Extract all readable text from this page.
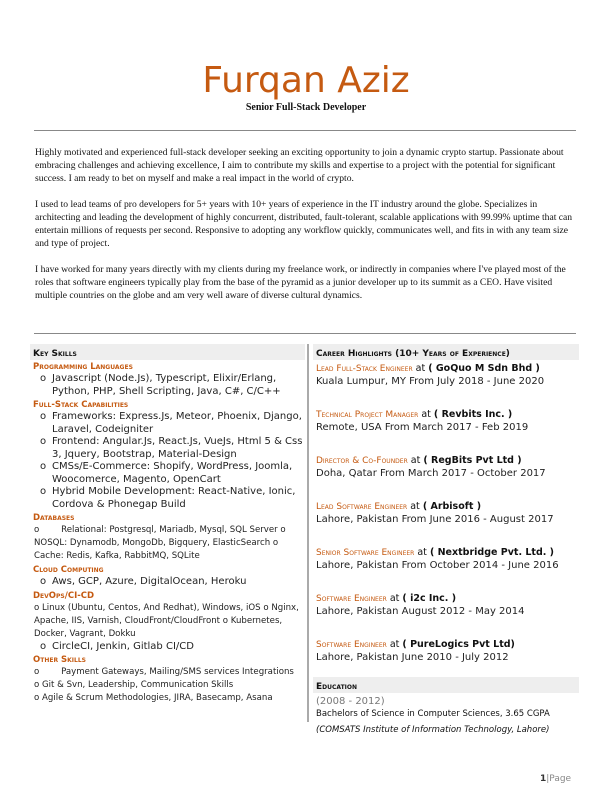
Furqan Aziz
Senior Full-Stack Developer

Highly motivated and experienced full-stack developer seeking an exciting opportunity to join a dynamic crypto startup. Passionate about embracing challenges and achieving excellence, I aim to contribute my skills and expertise to a project with the potential for significant success. I am ready to bet on myself and make a real impact in the world of crypto.

I used to lead teams of pro developers for 5+ years with 10+ years of experience in the IT industry around the globe. Specializes in architecting and leading the development of highly concurrent, distributed, fault-tolerant, scalable applications with 99.99% uptime that can entertain millions of requests per second. Responsive to adopting any workflow quickly, communicates well, and fits in with any team size and type of project.

I have worked for many years directly with my clients during my freelance work, or indirectly in companies where I've played most of the roles that software engineers typically play from the base of the pyramid as a junior developer up to its summit as a CEO. Have visited multiple countries on the globe and am very well aware of diverse cultural dynamics.

Key Skills
Programming Languages
o Javascript (Node.Js), Typescript, Elixir/Erlang, Python, PHP, Shell Scripting, Java, C#, C/C++
Full-Stack Capabilities
o Frameworks: Express.Js, Meteor, Phoenix, Django, Laravel, Codeigniter
o Frontend: Angular.Js, React.Js, VueJs, Html 5 & Css 3, Jquery, Bootstrap, Material-Design
o CMSs/E-Commerce: Shopify, WordPress, Joomla, Woocomerce, Magento, OpenCart
o Hybrid Mobile Development: React-Native, Ionic, Cordova & Phonegap Build
Databases
o        Relational: Postgresql, Mariadb, Mysql, SQL Server o NOSQL: Dynamodb, MongoDb, Bigquery, ElasticSearch o Cache: Redis, Kafka, RabbitMQ, SQLite
Cloud Computing
o Aws, GCP, Azure, DigitalOcean, Heroku
DevOps/CI-CD
o Linux (Ubuntu, Centos, And Redhat), Windows, iOS o Nginx, Apache, IIS, Varnish, CloudFront/CloudFront o Kubernetes, Docker, Vagrant, Dokku
o CircleCI, Jenkin, Gitlab CI/CD
Other Skills
o        Payment Gateways, Mailing/SMS services Integrations o Git & Svn, Leadership, Communication Skills
o Agile & Scrum Methodologies, JIRA, Basecamp, Asana
Career Highlights (10+ Years of Experience)
Lead Full-Stack Engineer at ( GoQuo M Sdn Bhd )
Kuala Lumpur, MY From July 2018 - June 2020
Technical Project Manager at ( Revbits Inc. )
Remote, USA From March 2017 - Feb 2019
Director & Co-Founder at ( RegBits Pvt Ltd )
Doha, Qatar From March 2017 - October 2017
Lead Software Engineer at ( Arbisoft )
Lahore, Pakistan From June 2016 - August 2017
Senior Software Engineer at ( Nextbridge Pvt. Ltd. )
Lahore, Pakistan From October 2014 - June 2016
Software Engineer at ( i2c Inc. )
Lahore, Pakistan August 2012 - May 2014
Software Engineer at ( PureLogics Pvt Ltd)
Lahore, Pakistan June 2010 - July 2012
Education
(2008 - 2012)
Bachelors of Science in Computer Sciences, 3.65 CGPA
(COMSATS Institute of Information Technology, Lahore)
1|Page
